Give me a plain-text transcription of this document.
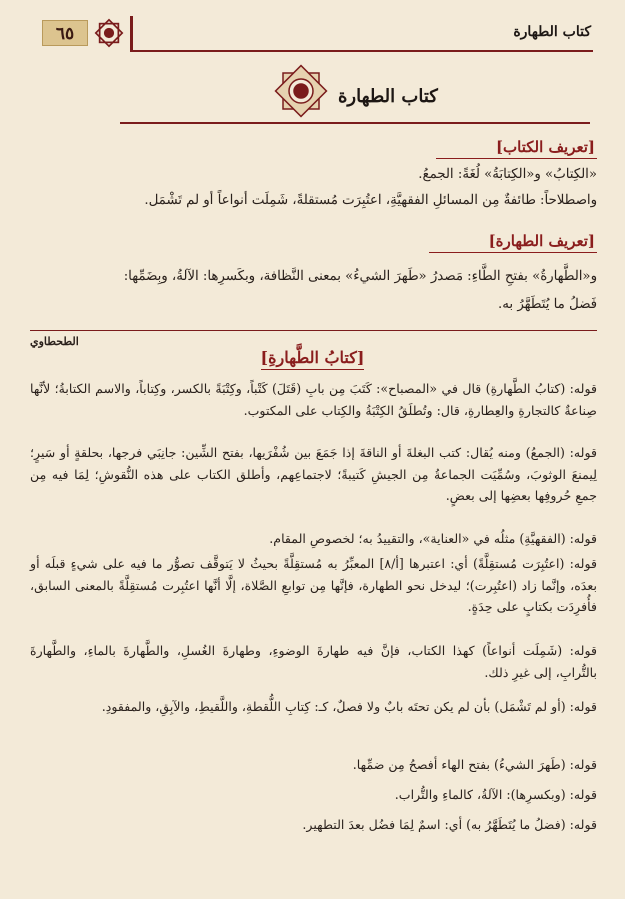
كتاب الطهارة
٦٥
كتاب الطهارة
[تعريف الكتاب]
«الكِتابُ» و«الكِتابَةُ» لُغَةً: الجمعُ.
واصطلاحاً: طائفةٌ مِن المسائلِ الفقهيَّةِ، اعتُبِرَت مُستقلةً، شَمِلَت أنواعاً أو لم تَشْمَل.
[تعريف الطهارة]
و«الطَّهارةُ» بفتحِ الطَّاءِ: مَصدرُ «طَهرَ الشيءُ» بمعنى النَّظافة، وبكَسرِها: الآلةُ، وبِضَمِّها:
فَضلُ ما يُتَطَهَّرُ به.
الطحطاوي
[كتابُ الطَّهارةِ]
قوله: (كتابُ الطَّهارةِ) قال في «المصباح»: كَتَبَ مِن بابِ (قَتَلَ) كَتْباً، وكِتْبَةً بالكسر، وكِتاباً، والاسم الكتابةُ؛ لأنَّها صِناعةٌ كالتجارةِ والعِطارةِ، قال: وتُطلَقُ الكِتْبَةُ والكِتاب على المكتوب.
قوله: (الجمعُ) ومنه يُقال: كتب البغلةَ أو الناقةَ إذا جَمَعَ بين شُفْرَيها، بفتح الشِّين: جانِبَي فرجها، بحلقةٍ أو سَيرٍ؛ لِيمنعَ الوثوبَ، وسُمِّيَت الجماعةُ مِن الجيشِ كَتيبةً؛ لاجتماعِهم، وأطلق الكتاب على هذه النُّقوشِ؛ لِمَا فيه مِن جمعِ حُروفِها بعضِها إلى بعضٍ.
قوله: (الفقهيَّةِ) مثلُه في «العناية»، والتقييدُ به؛ لخصوصِ المقام.
قوله: (اعتُبِرَت مُستقِلَّةً) أي: اعتبرها [أ/٨] المعبِّرُ به مُستقِلَّةً بحيثُ لا يَتوقَّف تصوُّر ما فيه على شيءٍ قبلَه أو بعدَه، وإنَّما زاد (اعتُبِرت)؛ ليدخل نحو الطهارة، فإنَّها مِن توابعِ الصَّلاة، إلَّا أنَّها اعتُبِرت مُستقِلَّةً بالمعنى السابق، فأُفرِدَت بكتابٍ على حِدَةٍ.
قوله: (شَمِلَت أنواعاً) كهذا الكتاب، فإنَّ فيه طهارةَ الوضوءِ، وطهارةَ الغُسلِ، والطَّهارةَ بالماءِ، والطَّهارةَ بالتُّرابِ، إلى غيرِ ذلك.
قوله: (أو لم تَشْمَل) بأن لم يكن تحتَه بابٌ ولا فصلٌ، كـ: كِتابِ اللُّقطةِ، واللَّقيطِ، والآبِقِ، والمفقودِ.
قوله: (طَهرَ الشيءُ) بفتح الهاء أفصحُ مِن ضمِّها.
قوله: (وبكسرِها): الآلةُ، كالماءِ والتُّراب.
قوله: (فضلُ ما يُتَطَهَّرُ به) أي: اسمٌ لِمَا فضُل بعدَ التطهير.
